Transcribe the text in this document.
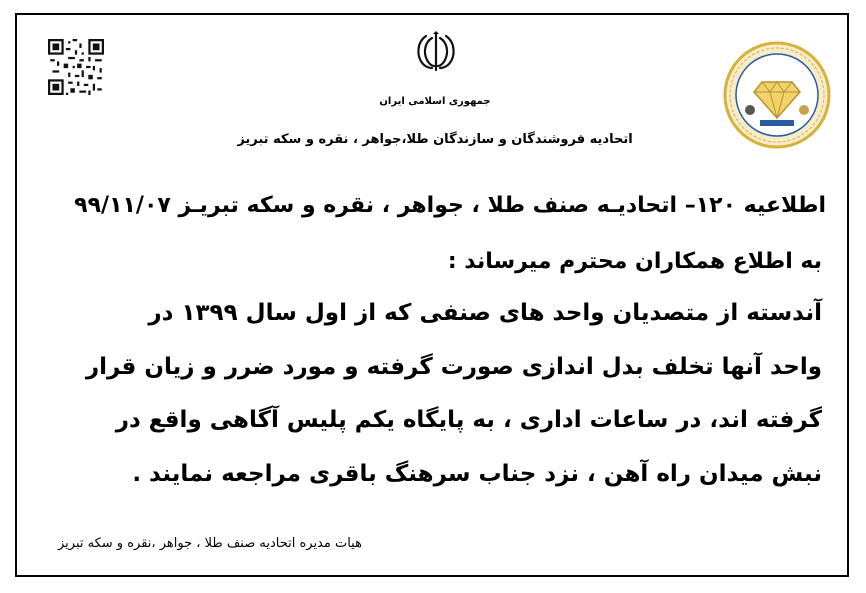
جمهوری اسلامی ایران
اتحادیه فروشندگان و سازندگان طلا،جواهر ، نقره و سکه تبریز
اطلاعیه ۱۲۰– اتحادیـه صنف طلا ، جواهر ، نقره و سکه تبریـز ۹۹/۱۱/۰۷
به اطلاع همکاران محترم میرساند :
آندسته از متصدیان واحد های صنفی که از اول سال ۱۳۹۹ در
واحد آنها تخلف بدل اندازی صورت گرفته و مورد ضرر و زیان قرار
گرفته اند، در ساعات اداری ، به پایگاه یکم پلیس آگاهی واقع در
نبش میدان راه آهن ، نزد جناب سرهنگ باقری مراجعه نمایند .
هیات مدیره اتحادیه صنف طلا ، جواهر ،نقره و سکه تبریز
